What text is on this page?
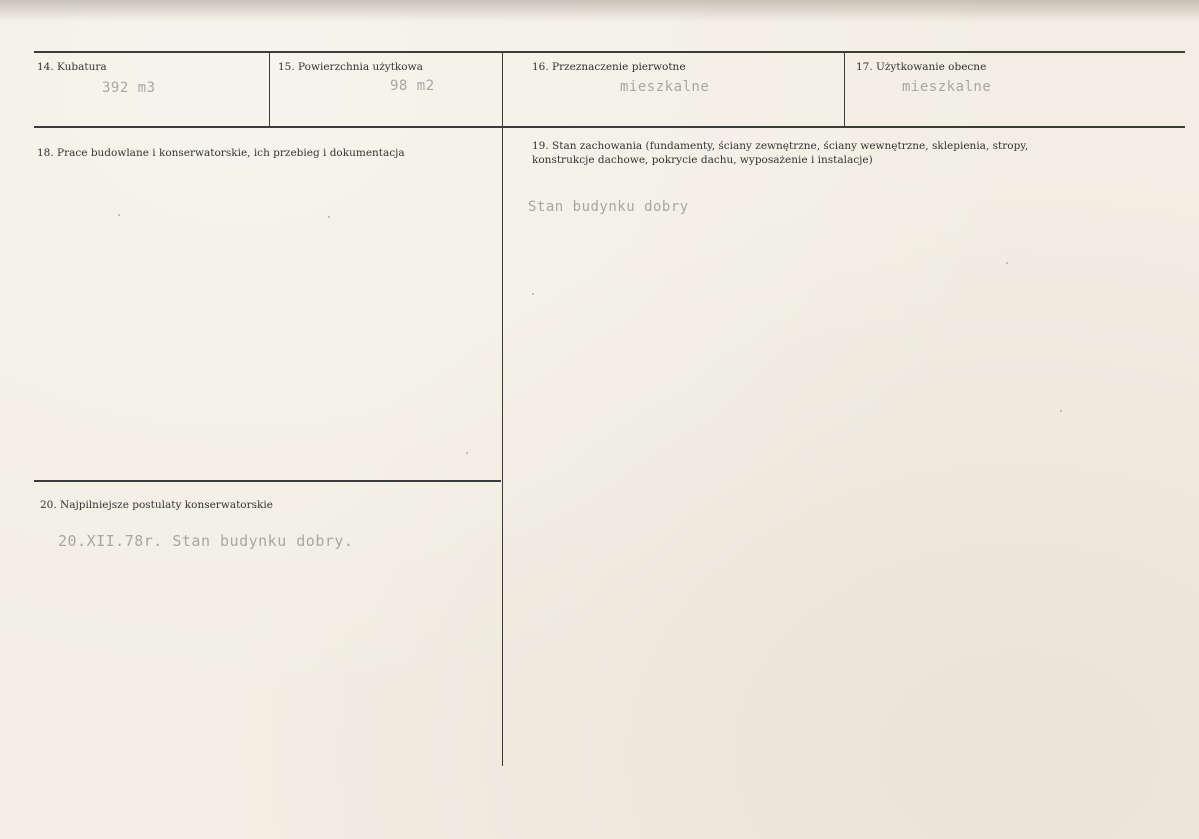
14. Kubatura
392 m3
15. Powierzchnia użytkowa
98 m2
16. Przeznaczenie pierwotne
mieszkalne
17. Użytkowanie obecne
mieszkalne
18. Prace budowlane i konserwatorskie, ich przebieg i dokumentacja
19. Stan zachowania (fundamenty, ściany zewnętrzne, ściany wewnętrzne, sklepienia, stropy, konstrukcje dachowe, pokrycie dachu, wyposażenie i instalacje)
Stan budynku dobry
20. Najpilniejsze postulaty konserwatorskie
20.XII.78r. Stan budynku dobry.
